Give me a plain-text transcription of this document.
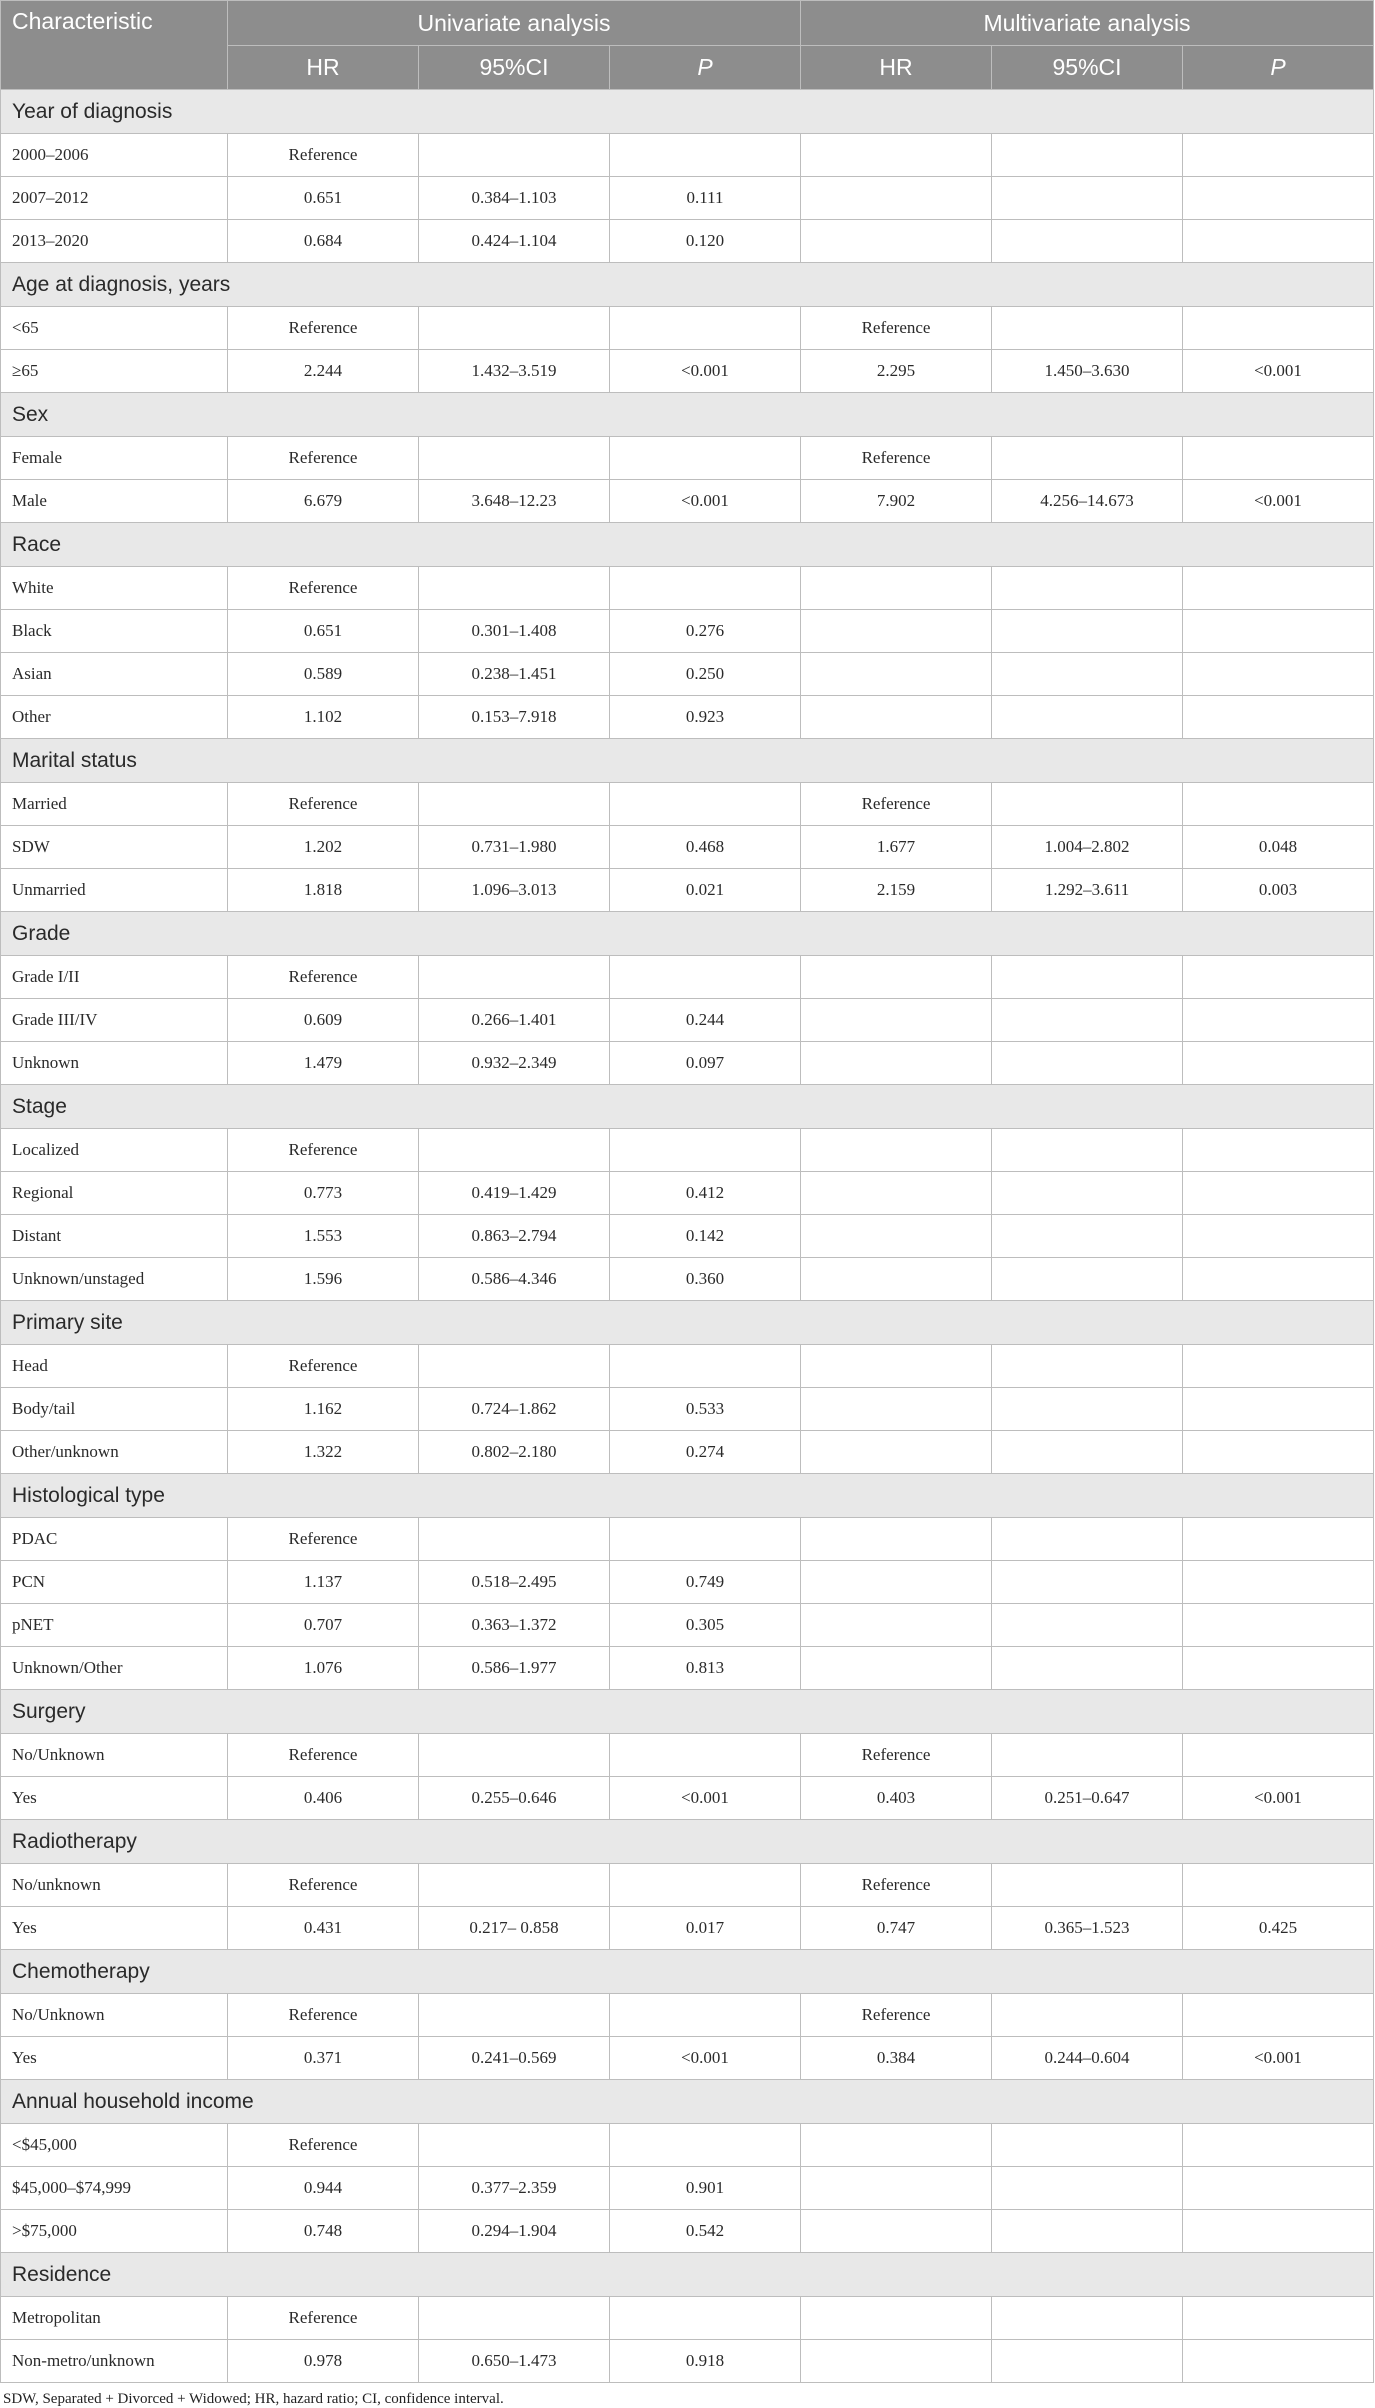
Characteristic	Univariate analysis			Multivariate analysis		
	HR	95%CI	P	HR	95%CI	P
Year of diagnosis						
2000–2006	Reference					
2007–2012	0.651	0.384–1.103	0.111			
2013–2020	0.684	0.424–1.104	0.120			
Age at diagnosis, years						
<65	Reference			Reference		
≥65	2.244	1.432–3.519	<0.001	2.295	1.450–3.630	<0.001
Sex						
Female	Reference			Reference		
Male	6.679	3.648–12.23	<0.001	7.902	4.256–14.673	<0.001
Race						
White	Reference					
Black	0.651	0.301–1.408	0.276			
Asian	0.589	0.238–1.451	0.250			
Other	1.102	0.153–7.918	0.923			
Marital status						
Married	Reference			Reference		
SDW	1.202	0.731–1.980	0.468	1.677	1.004–2.802	0.048
Unmarried	1.818	1.096–3.013	0.021	2.159	1.292–3.611	0.003
Grade						
Grade I/II	Reference					
Grade III/IV	0.609	0.266–1.401	0.244			
Unknown	1.479	0.932–2.349	0.097			
Stage						
Localized	Reference					
Regional	0.773	0.419–1.429	0.412			
Distant	1.553	0.863–2.794	0.142			
Unknown/unstaged	1.596	0.586–4.346	0.360			
Primary site						
Head	Reference					
Body/tail	1.162	0.724–1.862	0.533			
Other/unknown	1.322	0.802–2.180	0.274			
Histological type						
PDAC	Reference					
PCN	1.137	0.518–2.495	0.749			
pNET	0.707	0.363–1.372	0.305			
Unknown/Other	1.076	0.586–1.977	0.813			
Surgery						
No/Unknown	Reference			Reference		
Yes	0.406	0.255–0.646	<0.001	0.403	0.251–0.647	<0.001
Radiotherapy						
No/unknown	Reference			Reference		
Yes	0.431	0.217– 0.858	0.017	0.747	0.365–1.523	0.425
Chemotherapy						
No/Unknown	Reference			Reference		
Yes	0.371	0.241–0.569	<0.001	0.384	0.244–0.604	<0.001
Annual household income						
<$45,000	Reference					
$45,000–$74,999	0.944	0.377–2.359	0.901			
>$75,000	0.748	0.294–1.904	0.542			
Residence						
Metropolitan	Reference					
Non-metro/unknown	0.978	0.650–1.473	0.918			
SDW, Separated + Divorced + Widowed; HR, hazard ratio; CI, confidence interval.
